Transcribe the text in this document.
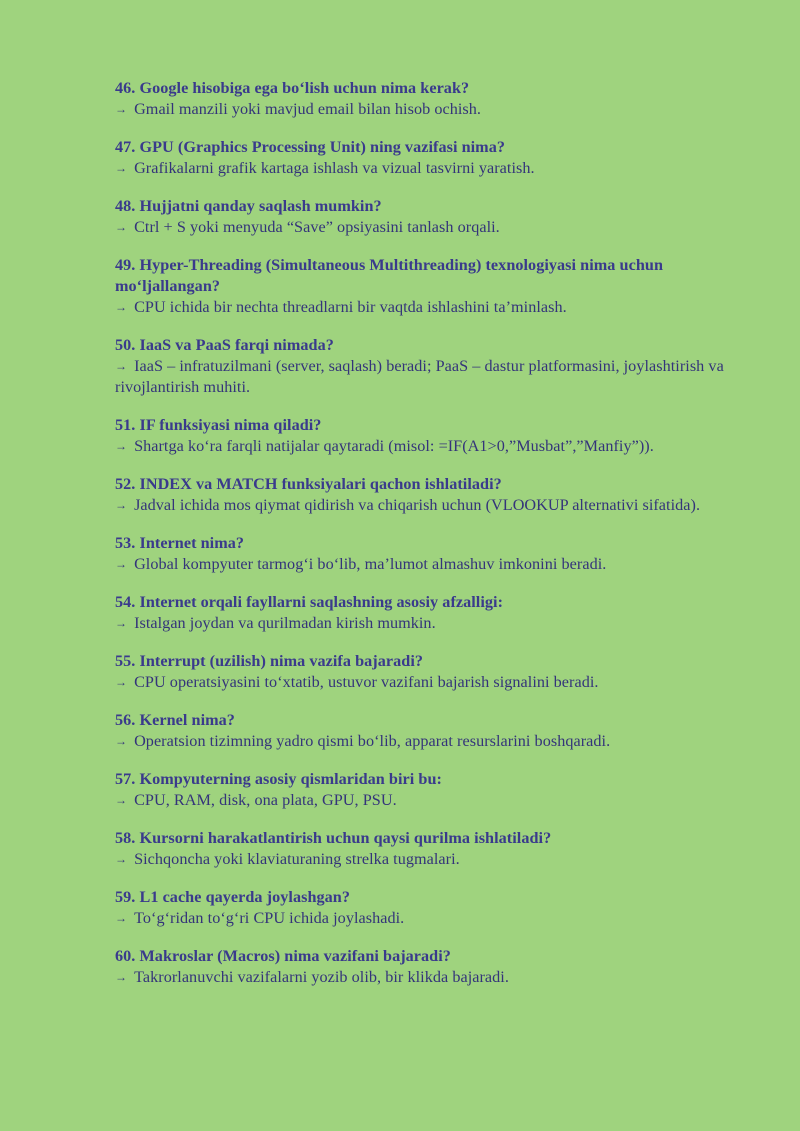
46. Google hisobiga ega bo‘lish uchun nima kerak?
→ Gmail manzili yoki mavjud email bilan hisob ochish.
47. GPU (Graphics Processing Unit) ning vazifasi nima?
→ Grafikalarni grafik kartaga ishlash va vizual tasvirni yaratish.
48. Hujjatni qanday saqlash mumkin?
→ Ctrl + S yoki menyuda “Save” opsiyasini tanlash orqali.
49. Hyper-Threading (Simultaneous Multithreading) texnologiyasi nima uchun mo‘ljallangan?
→ CPU ichida bir nechta threadlarni bir vaqtda ishlashini ta’minlash.
50. IaaS va PaaS farqi nimada?
→ IaaS – infratuzilmani (server, saqlash) beradi; PaaS – dastur platformasini, joylashtirish va rivojlantirish muhiti.
51. IF funksiyasi nima qiladi?
→ Shartga ko‘ra farqli natijalar qaytaradi (misol: =IF(A1>0,”Musbat”,”Manfiy”)).
52. INDEX va MATCH funksiyalari qachon ishlatiladi?
→ Jadval ichida mos qiymat qidirish va chiqarish uchun (VLOOKUP alternativi sifatida).
53. Internet nima?
→ Global kompyuter tarmog‘i bo‘lib, ma’lumot almashuv imkonini beradi.
54. Internet orqali fayllarni saqlashning asosiy afzalligi:
→ Istalgan joydan va qurilmadan kirish mumkin.
55. Interrupt (uzilish) nima vazifa bajaradi?
→ CPU operatsiyasini to‘xtatib, ustuvor vazifani bajarish signalini beradi.
56. Kernel nima?
→ Operatsion tizimning yadro qismi bo‘lib, apparat resurslarini boshqaradi.
57. Kompyuterning asosiy qismlaridan biri bu:
→ CPU, RAM, disk, ona plata, GPU, PSU.
58. Kursorni harakatlantirish uchun qaysi qurilma ishlatiladi?
→ Sichqoncha yoki klaviaturaning strelka tugmalari.
59. L1 cache qayerda joylashgan?
→ To‘g‘ridan to‘g‘ri CPU ichida joylashadi.
60. Makroslar (Macros) nima vazifani bajaradi?
→ Takrorlanuvchi vazifalarni yozib olib, bir klikda bajaradi.
